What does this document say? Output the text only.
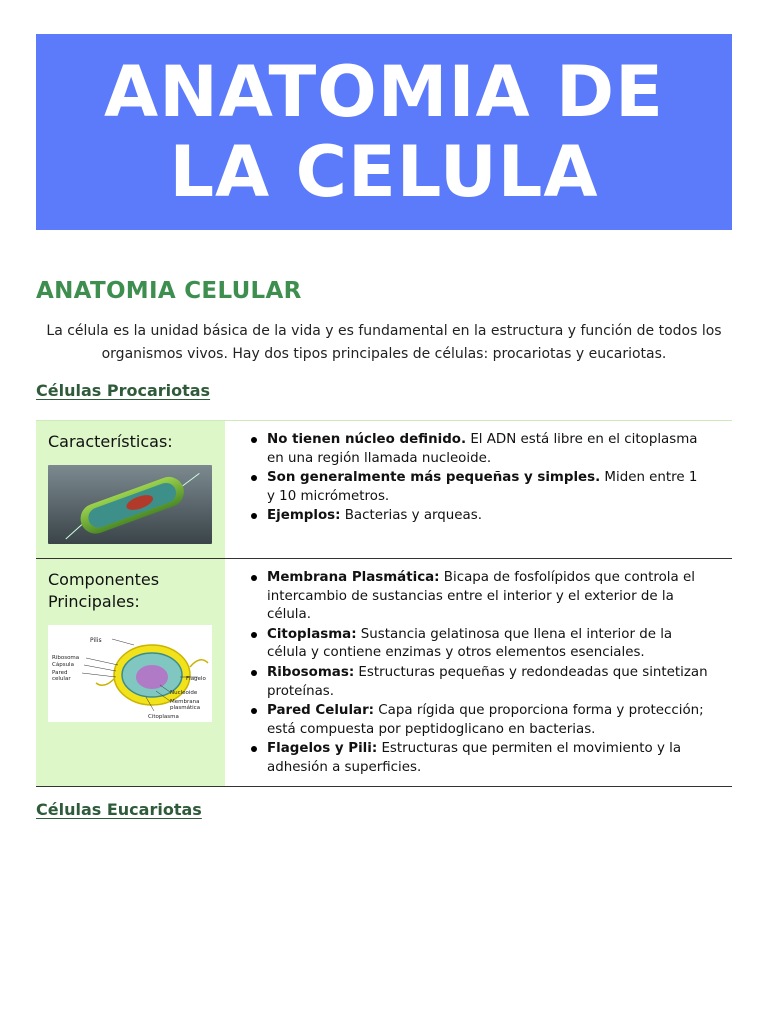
ANATOMIA DE
LA CELULA
ANATOMIA CELULAR

La célula es la unidad básica de la vida y es fundamental en la estructura y función de todos los organismos vivos. Hay dos tipos principales de células: procariotas y eucariotas.

Células Procariotas

Características:	No tienen núcleo definido. El ADN está libre en el citoplasma en una región llamada nucleoide.
Son generalmente más pequeñas y simples. Miden entre 1 y 10 micrómetros.
Ejemplos: Bacterias y arqueas.

Componentes Principales:

Pilis
Ribosoma
Cápsula
Pared
celular	Flagelo
Nucleoide
Membrana
plasmática
Citoplasma
Membrana Plasmática: Bicapa de fosfolípidos que controla el intercambio de sustancias entre el interior y el exterior de la célula.
Citoplasma: Sustancia gelatinosa que llena el interior de la célula y contiene enzimas y otros elementos esenciales.
Ribosomas: Estructuras pequeñas y redondeadas que sintetizan proteínas.
Pared Celular: Capa rígida que proporciona forma y protección; está compuesta por peptidoglicano en bacterias.
Flagelos y Pili: Estructuras que permiten el movimiento y la adhesión a superficies.
Células Eucariotas
